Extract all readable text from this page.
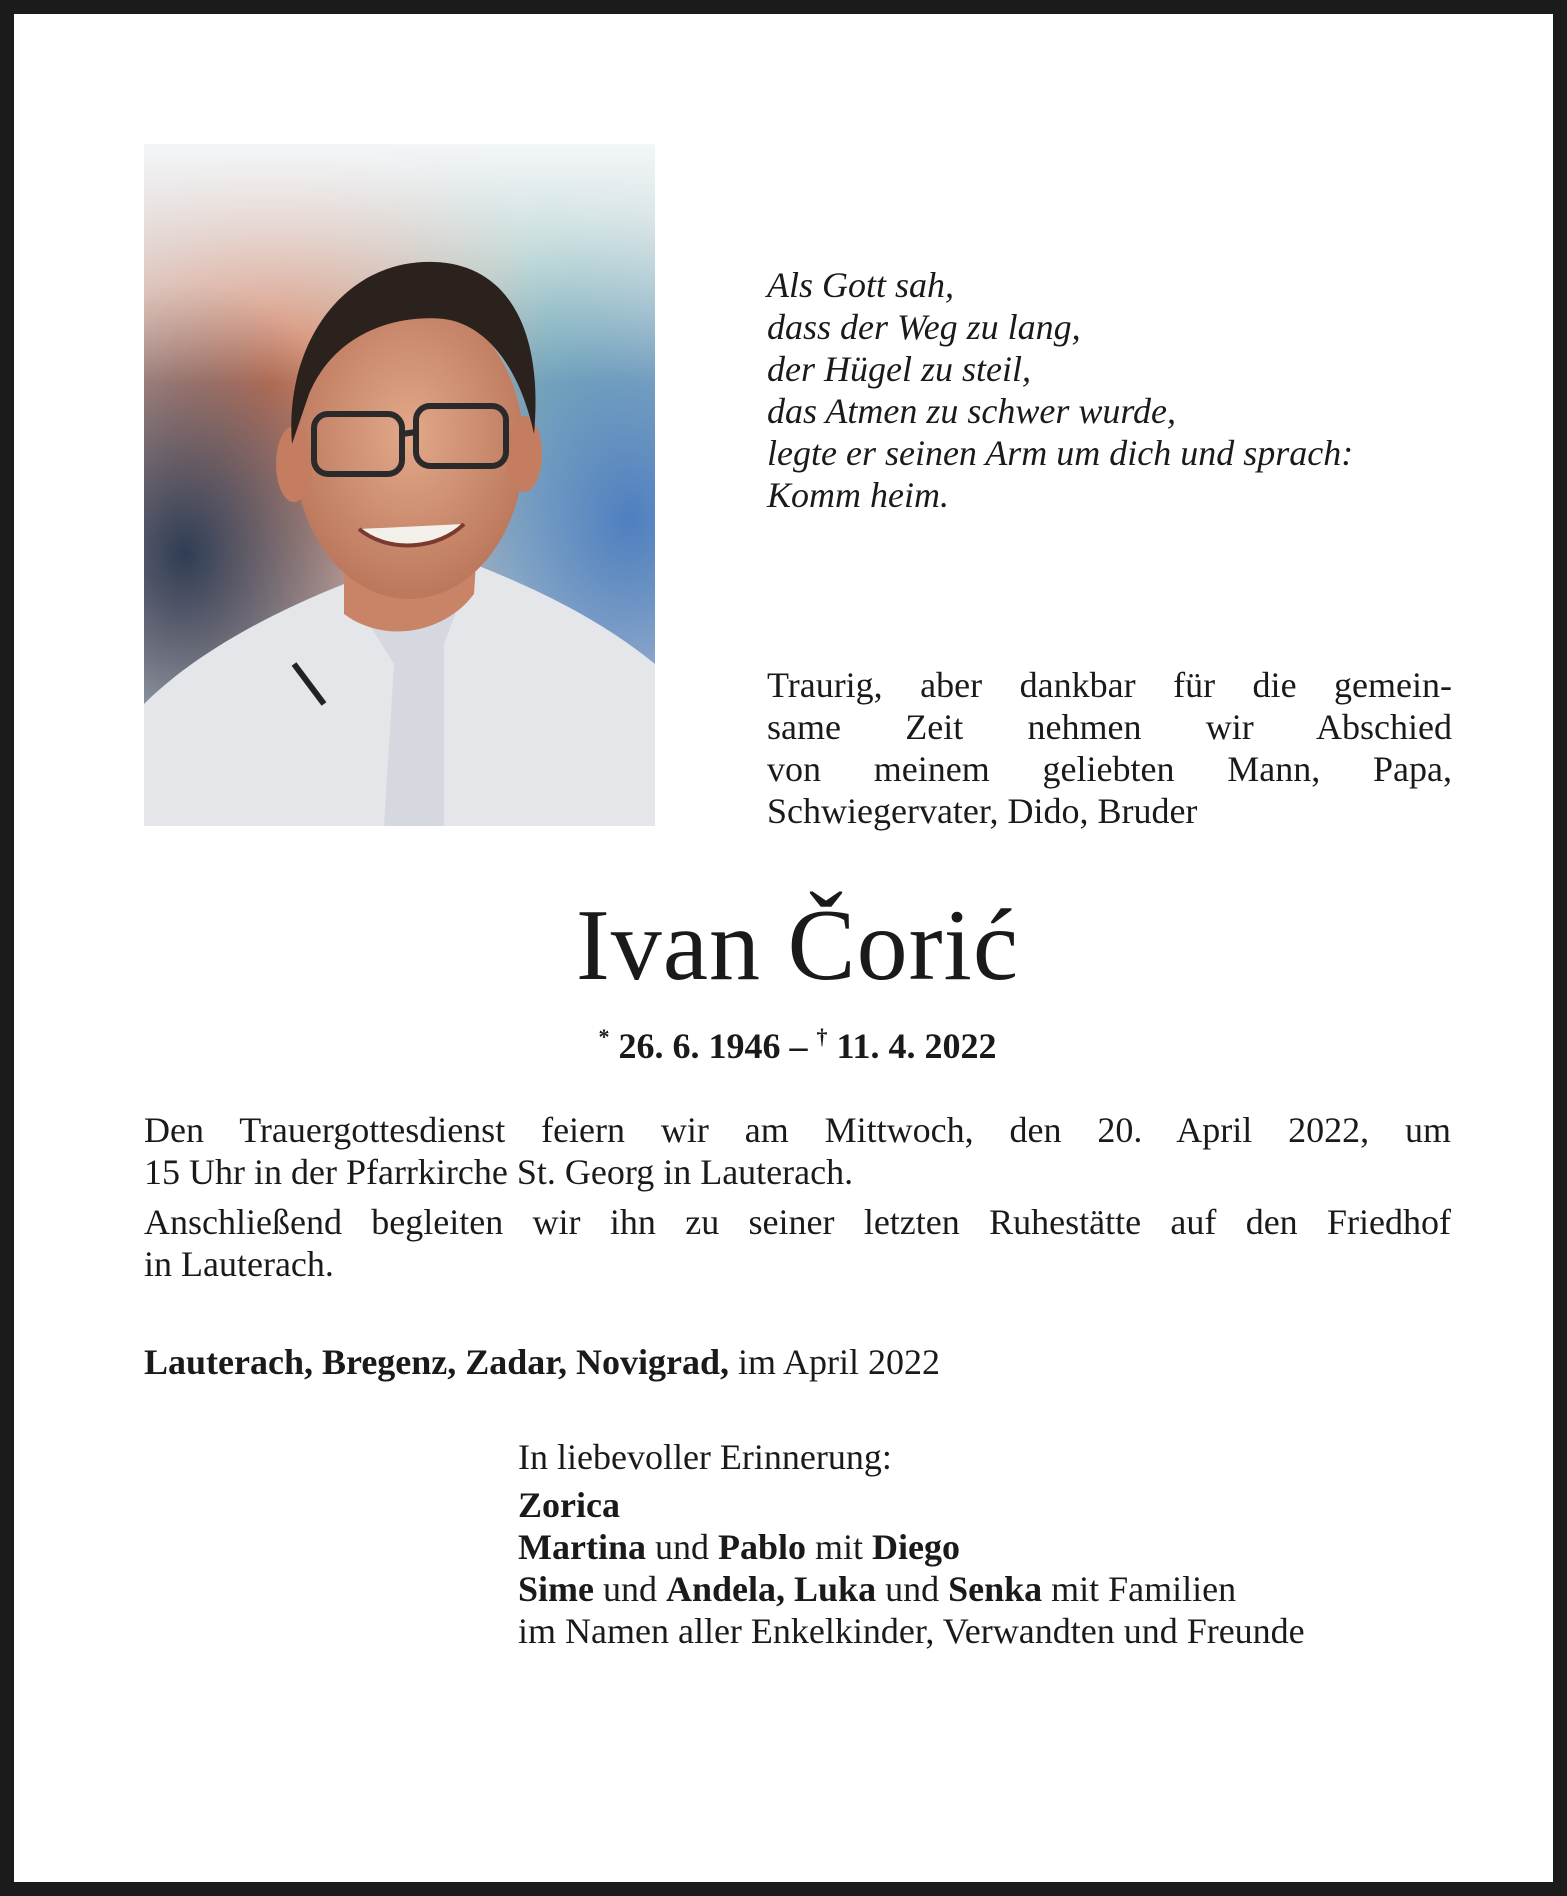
Als Gott sah,
dass der Weg zu lang,
der Hügel zu steil,
das Atmen zu schwer wurde,
legte er seinen Arm um dich und sprach:
Komm heim.
Traurig, aber dankbar für die gemein-
same Zeit nehmen wir Abschied
von meinem geliebten Mann, Papa,
Schwiegervater, Dido, Bruder
Ivan Čorić
* 26. 6. 1946 – † 11. 4. 2022
Den Trauergottesdienst feiern wir am Mittwoch, den 20. April 2022, um
15 Uhr in der Pfarrkirche St. Georg in Lauterach.
Anschließend begleiten wir ihn zu seiner letzten Ruhestätte auf den Friedhof
in Lauterach.
Lauterach, Bregenz, Zadar, Novigrad, im April 2022
In liebevoller Erinnerung:
Zorica
Martina und Pablo mit Diego
Sime und Andela, Luka und Senka mit Familien
im Namen aller Enkelkinder, Verwandten und Freunde
